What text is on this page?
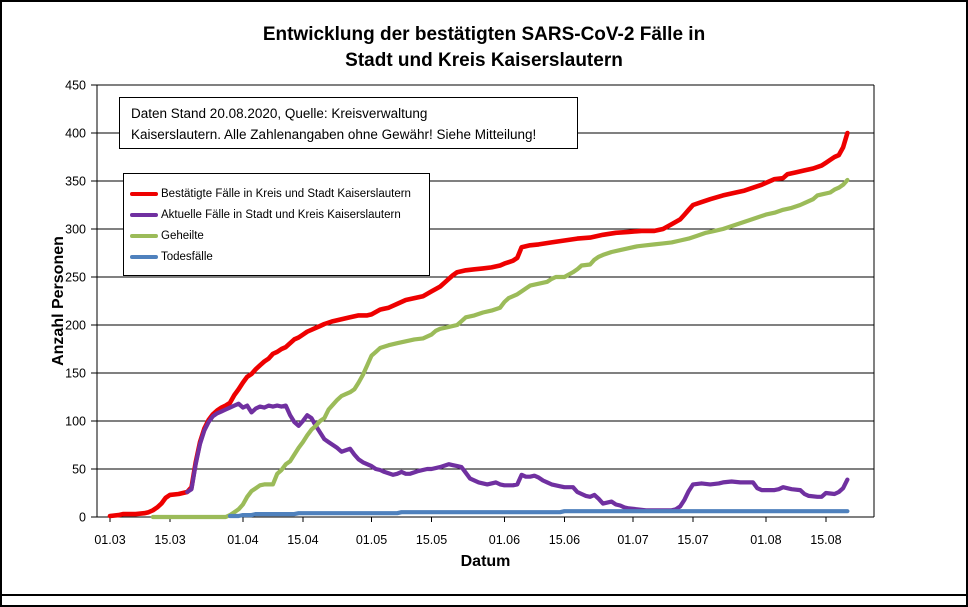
0
50
100
150
200
250
300
350
400
450
01.03 15.03	01.04 15.04	01.05 15.05	01.06 15.06	01.07 15.07	01.08 15.08
Entwicklung der bestätigten SARS-CoV-2 Fälle in
Stadt und Kreis Kaiserslautern
Daten Stand 20.08.2020, Quelle: Kreisverwaltung
Kaiserslautern. Alle Zahlenangaben ohne Gewähr! Siehe Mitteilung!
Bestätigte Fälle in Kreis und Stadt Kaiserslautern
Aktuelle Fälle in Stadt und Kreis Kaiserslautern
Geheilte
Todesfälle
Anzahl Personen
Datum
